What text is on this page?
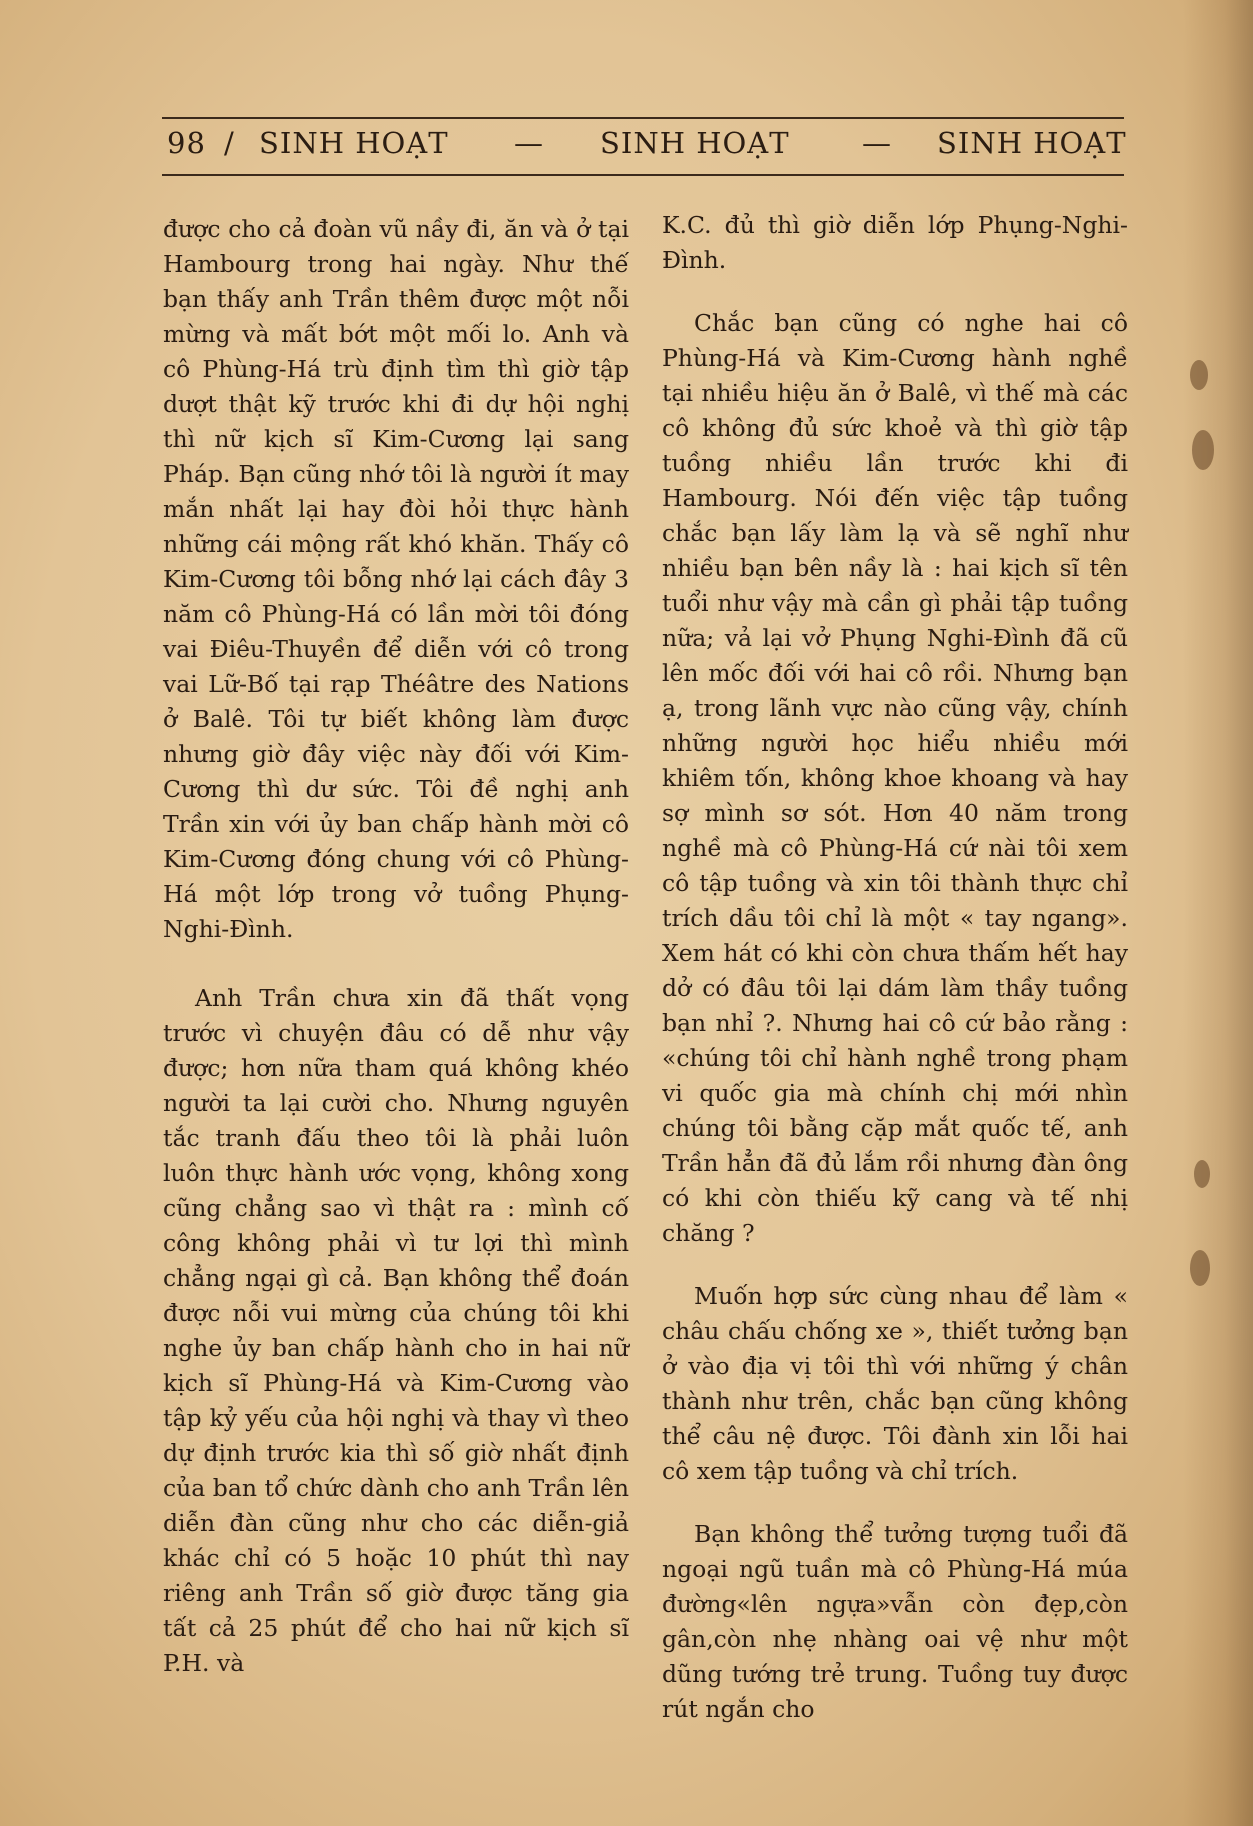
98 / SINH HOẠT — SINH HOẠT — SINH HOẠT

được cho cả đoàn vũ nầy đi, ăn và ở tại Hambourg trong hai ngày. Như thế bạn thấy anh Trần thêm được một nỗi mừng và mất bớt một mối lo. Anh và cô Phùng-Há trù định tìm thì giờ tập dượt thật kỹ trước khi đi dự hội nghị thì nữ kịch sĩ Kim-Cương lại sang Pháp. Bạn cũng nhớ tôi là người ít may mắn nhất lại hay đòi hỏi thực hành những cái mộng rất khó khăn. Thấy cô Kim-Cương tôi bỗng nhớ lại cách đây 3 năm cô Phùng-Há có lần mời tôi đóng vai Điêu-Thuyền để diễn với cô trong vai Lữ-Bố tại rạp Théâtre des Nations ở Balê. Tôi tự biết không làm được nhưng giờ đây việc này đối với Kim-Cương thì dư sức. Tôi đề nghị anh Trần xin với ủy ban chấp hành mời cô Kim-Cương đóng chung với cô Phùng-Há một lớp trong vở tuồng Phụng-Nghi-Đình.

Anh Trần chưa xin đã thất vọng trước vì chuyện đâu có dễ như vậy được; hơn nữa tham quá không khéo người ta lại cười cho. Nhưng nguyên tắc tranh đấu theo tôi là phải luôn luôn thực hành ước vọng, không xong cũng chẳng sao vì thật ra : mình cố công không phải vì tư lợi thì mình chẳng ngại gì cả. Bạn không thể đoán được nỗi vui mừng của chúng tôi khi nghe ủy ban chấp hành cho in hai nữ kịch sĩ Phùng-Há và Kim-Cương vào tập kỷ yếu của hội nghị và thay vì theo dự định trước kia thì số giờ nhất định của ban tổ chức dành cho anh Trần lên diễn đàn cũng như cho các diễn-giả khác chỉ có 5 hoặc 10 phút thì nay riêng anh Trần số giờ được tăng gia tất cả 25 phút để cho hai nữ kịch sĩ P.H. và

K.C. đủ thì giờ diễn lớp Phụng-Nghi-Đình.

Chắc bạn cũng có nghe hai cô Phùng-Há và Kim-Cương hành nghề tại nhiều hiệu ăn ở Balê, vì thế mà các cô không đủ sức khoẻ và thì giờ tập tuồng nhiều lần trước khi đi Hambourg. Nói đến việc tập tuồng chắc bạn lấy làm lạ và sẽ nghĩ như nhiều bạn bên nầy là : hai kịch sĩ tên tuổi như vậy mà cần gì phải tập tuồng nữa; vả lại vở Phụng Nghi-Đình đã cũ lên mốc đối với hai cô rồi. Nhưng bạn ạ, trong lãnh vực nào cũng vậy, chính những người học hiểu nhiều mới khiêm tốn, không khoe khoang và hay sợ mình sơ sót. Hơn 40 năm trong nghề mà cô Phùng-Há cứ nài tôi xem cô tập tuồng và xin tôi thành thực chỉ trích dầu tôi chỉ là một « tay ngang». Xem hát có khi còn chưa thấm hết hay dở có đâu tôi lại dám làm thầy tuồng bạn nhỉ ?. Nhưng hai cô cứ bảo rằng : «chúng tôi chỉ hành nghề trong phạm vi quốc gia mà chính chị mới nhìn chúng tôi bằng cặp mắt quốc tế, anh Trần hẳn đã đủ lắm rồi nhưng đàn ông có khi còn thiếu kỹ cang và tế nhị chăng ?

Muốn hợp sức cùng nhau để làm « châu chấu chống xe », thiết tưởng bạn ở vào địa vị tôi thì với những ý chân thành như trên, chắc bạn cũng không thể câu nệ được. Tôi đành xin lỗi hai cô xem tập tuồng và chỉ trích.

Bạn không thể tưởng tượng tuổi đã ngoại ngũ tuần mà cô Phùng-Há múa đường«lên ngựa»vẫn còn đẹp,còn gân,còn nhẹ nhàng oai vệ như một dũng tướng trẻ trung. Tuồng tuy được rút ngắn cho
